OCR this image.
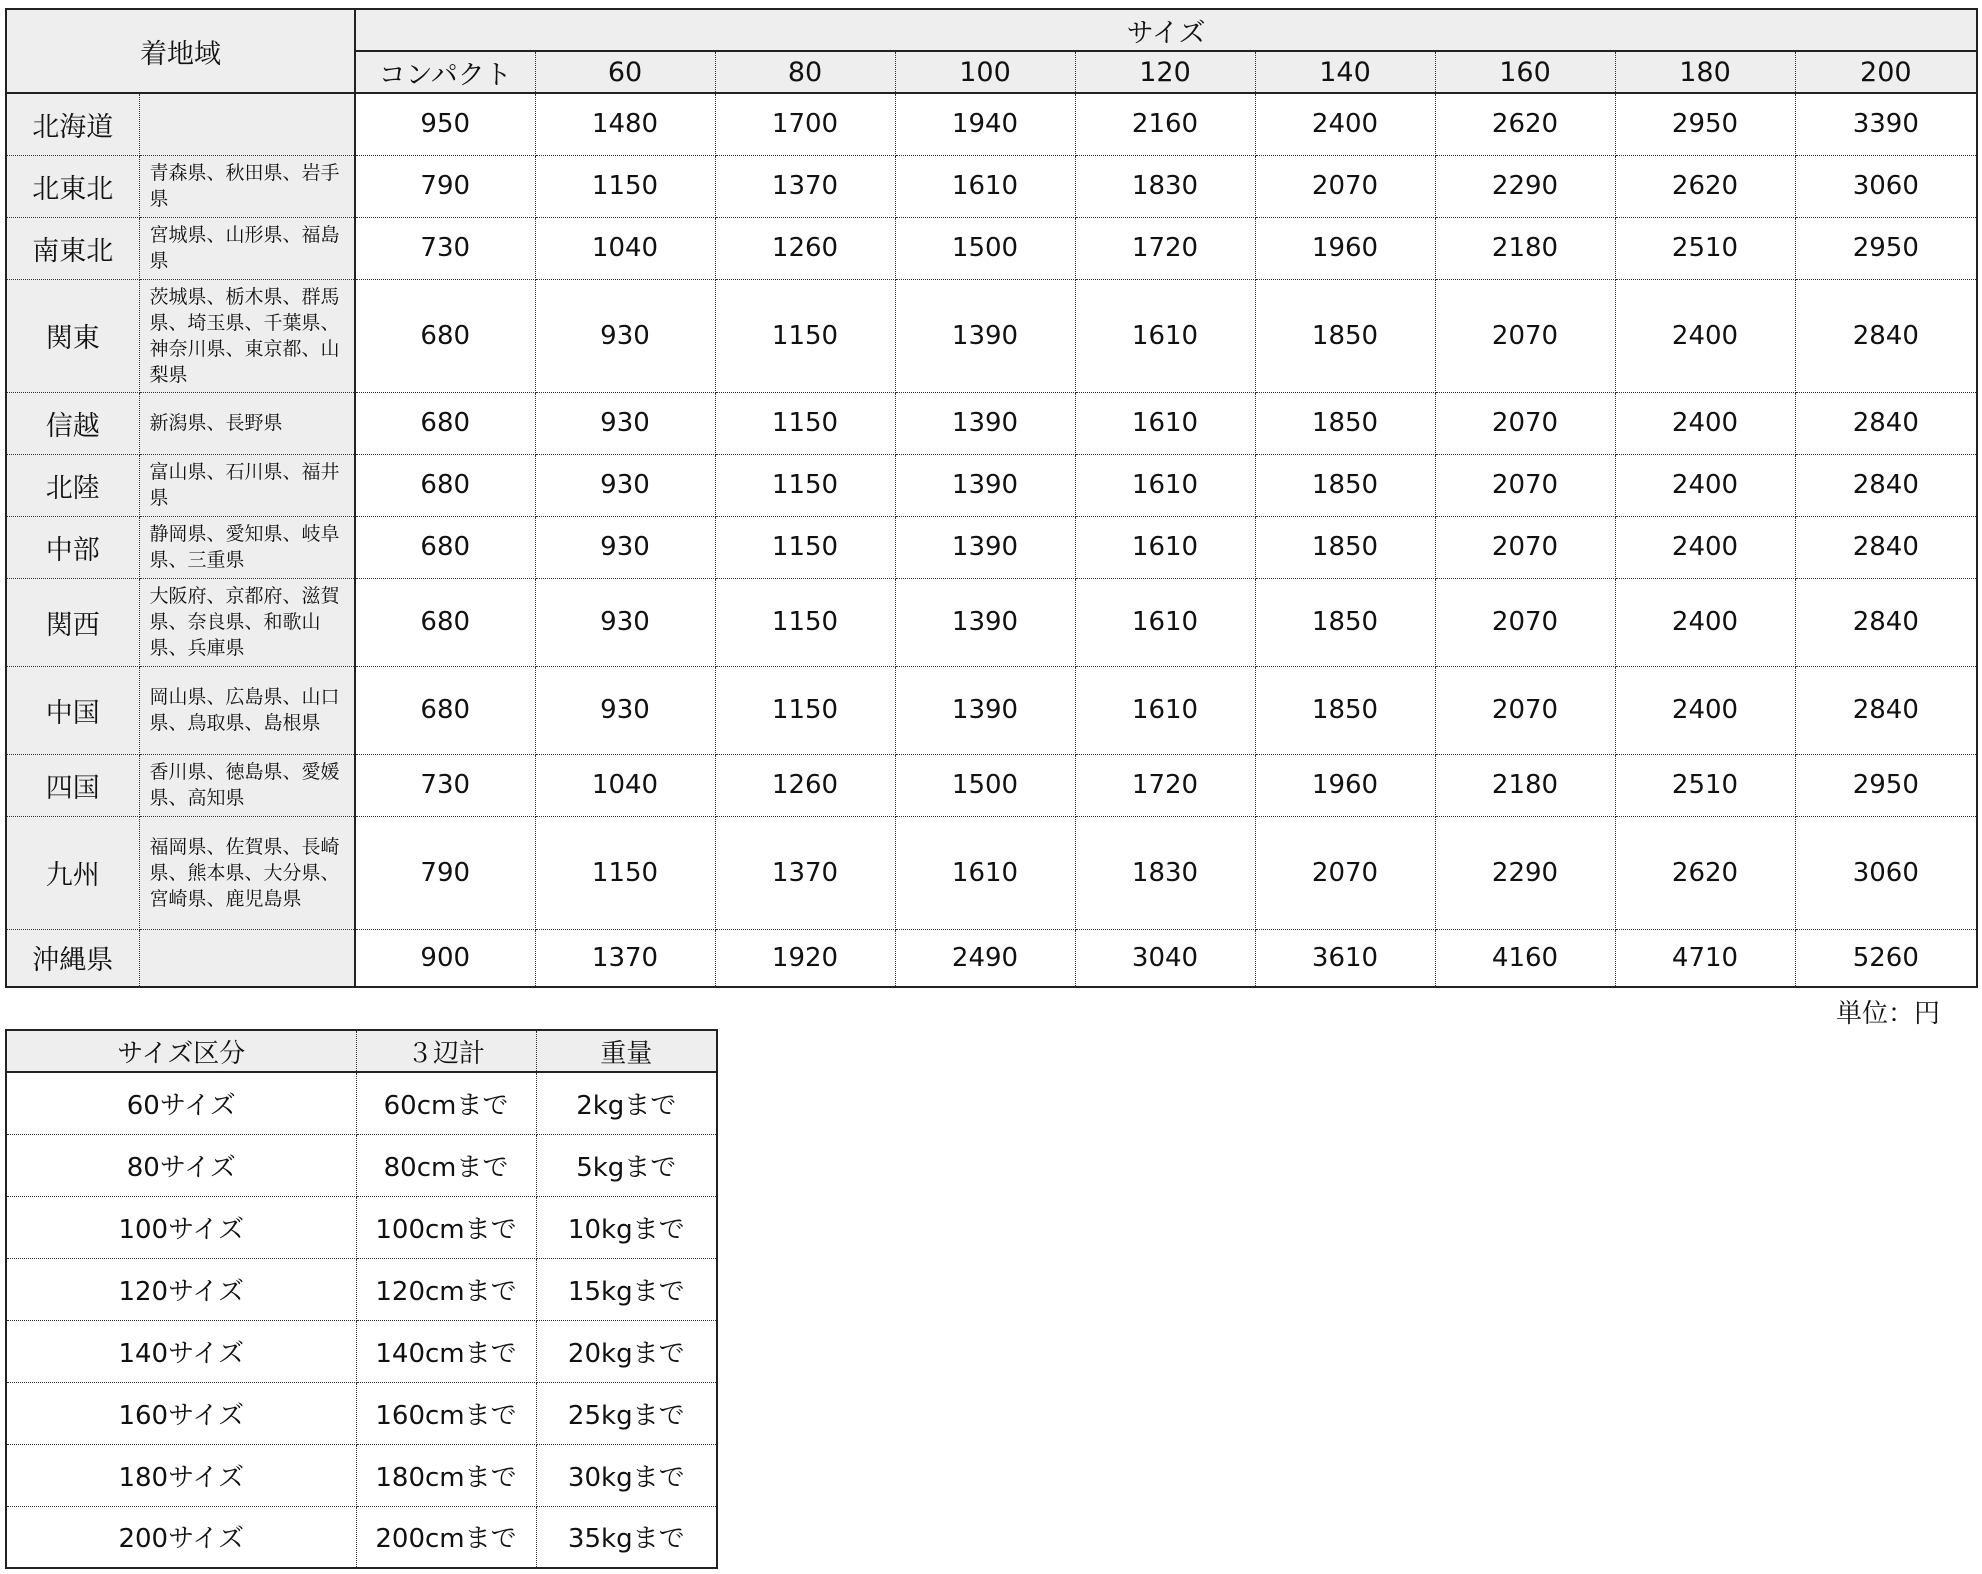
着地域		サイズ								
		コンパクト	60	80	100	120	140	160	180	200
北海道		950	1480	1700	1940	2160	2400	2620	2950	3390
北東北	青森県、秋田県、岩手県	790	1150	1370	1610	1830	2070	2290	2620	3060
南東北	宮城県、山形県、福島県	730	1040	1260	1500	1720	1960	2180	2510	2950
関東	茨城県、栃木県、群馬県、埼玉県、千葉県、神奈川県、東京都、山梨県	680	930	1150	1390	1610	1850	2070	2400	2840
信越	新潟県、長野県	680	930	1150	1390	1610	1850	2070	2400	2840
北陸	富山県、石川県、福井県	680	930	1150	1390	1610	1850	2070	2400	2840
中部	静岡県、愛知県、岐阜県、三重県	680	930	1150	1390	1610	1850	2070	2400	2840
関西	大阪府、京都府、滋賀県、奈良県、和歌山県、兵庫県	680	930	1150	1390	1610	1850	2070	2400	2840
中国	岡山県、広島県、山口県、鳥取県、島根県	680	930	1150	1390	1610	1850	2070	2400	2840
四国	香川県、徳島県、愛媛県、高知県	730	1040	1260	1500	1720	1960	2180	2510	2950
九州	福岡県、佐賀県、長崎県、熊本県、大分県、宮崎県、鹿児島県	790	1150	1370	1610	1830	2070	2290	2620	3060
沖縄県		900	1370	1920	2490	3040	3610	4160	4710	5260
単位：円
サイズ区分	３辺計	重量
60サイズ	60cmまで	2kgまで
80サイズ	80cmまで	5kgまで
100サイズ	100cmまで	10kgまで
120サイズ	120cmまで	15kgまで
140サイズ	140cmまで	20kgまで
160サイズ	160cmまで	25kgまで
180サイズ	180cmまで	30kgまで
200サイズ	200cmまで	35kgまで
